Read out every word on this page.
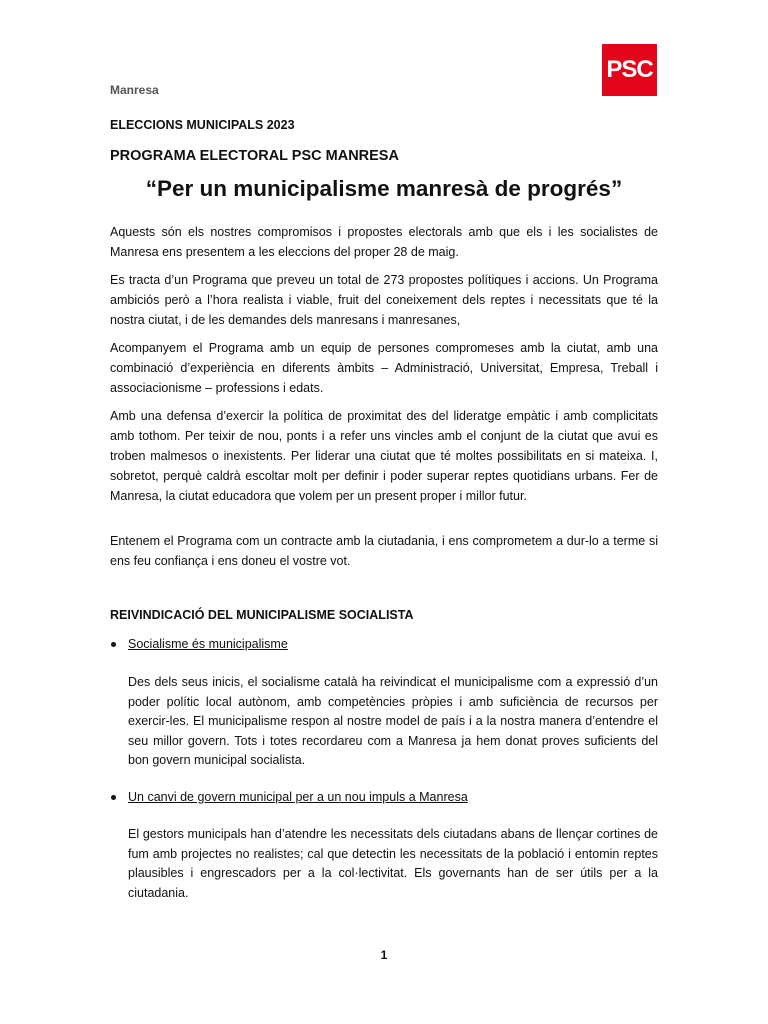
Manresa
PSC

ELECCIONS MUNICIPALS 2023

PROGRAMA ELECTORAL PSC MANRESA

“Per un municipalisme manresà de progrés”

Aquests són els nostres compromisos i propostes electorals amb que els i les socialistes de Manresa ens presentem a les eleccions del proper 28 de maig.

Es tracta d’un Programa que preveu un total de 273 propostes polítiques i accions. Un Programa ambiciós però a l’hora realista i viable, fruit del coneixement dels reptes i necessitats que té la nostra ciutat, i de les demandes dels manresans i manresanes,

Acompanyem el Programa amb un equip de persones compromeses amb la ciutat, amb una combinació d’experiència en diferents àmbits – Administració, Universitat, Empresa, Treball i associacionisme – professions i edats.

Amb una defensa d’exercir la política de proximitat des del lideratge empàtic i amb complicitats amb tothom. Per teixir de nou, ponts i a refer uns vincles amb el conjunt de la ciutat que avui es troben malmesos o inexistents. Per liderar una ciutat que té moltes possibilitats en si mateixa. I, sobretot, perquè caldrà escoltar molt per definir i poder superar reptes quotidians urbans. Fer de Manresa, la ciutat educadora que volem per un present proper i millor futur.

Entenem el Programa com un contracte amb la ciutadania, i ens comprometem a dur-lo a terme si ens feu confiança i ens doneu el vostre vot.

REIVINDICACIÓ DEL MUNICIPALISME SOCIALISTA

Socialisme és municipalisme

Des dels seus inicis, el socialisme català ha reivindicat el municipalisme com a expressió d’un poder polític local autònom, amb competències pròpies i amb suficiència de recursos per exercir-les. El municipalisme respon al nostre model de país i a la nostra manera d’entendre el seu millor govern. Tots i totes recordareu com a Manresa ja hem donat proves suficients del bon govern municipal socialista.

Un canvi de govern municipal per a un nou impuls a Manresa

El gestors municipals han d’atendre les necessitats dels ciutadans abans de llençar cortines de fum amb projectes no realistes; cal que detectin les necessitats de la població i entomin reptes plausibles i engrescadors per a la col·lectivitat. Els governants han de ser útils per a la ciutadania.

1
